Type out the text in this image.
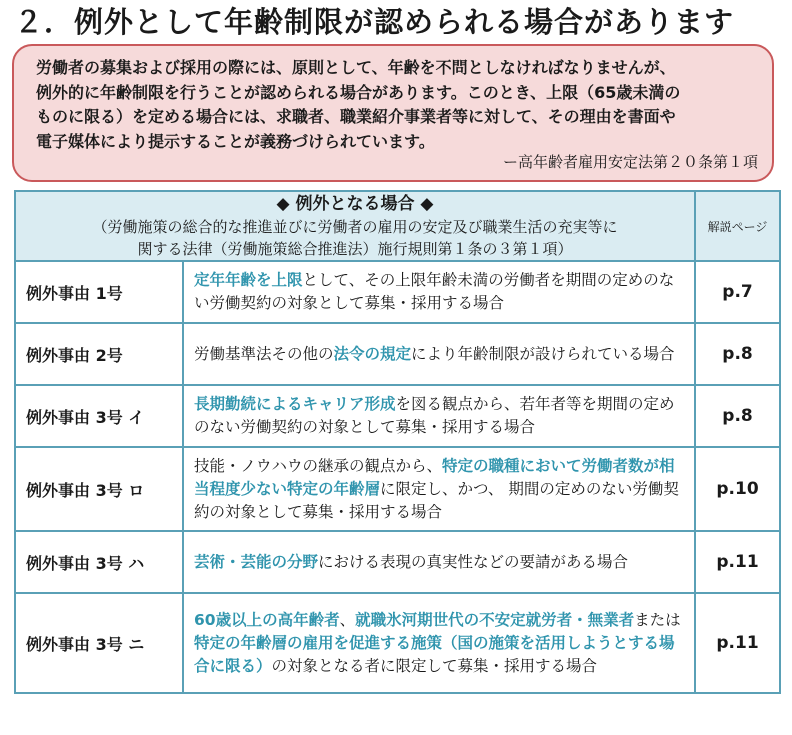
２．例外として年齢制限が認められる場合があります
労働者の募集および採用の際には、原則として、年齢を不問としなければなりませんが、
例外的に年齢制限を行うことが認められる場合があります。このとき、上限（65歳未満の
ものに限る）を定める場合には、求職者、職業紹介事業者等に対して、その理由を書面や
電子媒体により提示することが義務づけられています。
ー高年齢者雇用安定法第２０条第１項
◆ 例外となる場合 ◆
（労働施策の総合的な推進並びに労働者の雇用の安定及び職業生活の充実等に
関する法律（労働施策総合推進法）施行規則第１条の３第１項）		解説ページ
例外事由 1号	定年年齢を上限として、その上限年齢未満の労働者を期間の定めのない労働契約の対象として募集・採用する場合	p.7
例外事由 2号	労働基準法その他の法令の規定により年齢制限が設けられている場合	p.8
例外事由 3号 イ	長期勤続によるキャリア形成を図る観点から、若年者等を期間の定めのない労働契約の対象として募集・採用する場合	p.8
例外事由 3号 ロ	技能・ノウハウの継承の観点から、特定の職種において労働者数が相当程度少ない特定の年齢層に限定し、かつ、 期間の定めのない労働契約の対象として募集・採用する場合	p.10
例外事由 3号 ハ	芸術・芸能の分野における表現の真実性などの要請がある場合	p.11
例外事由 3号 ニ	60歳以上の高年齢者、就職氷河期世代の不安定就労者・無業者または特定の年齢層の雇用を促進する施策（国の施策を活用しようとする場合に限る）の対象となる者に限定して募集・採用する場合	p.11
